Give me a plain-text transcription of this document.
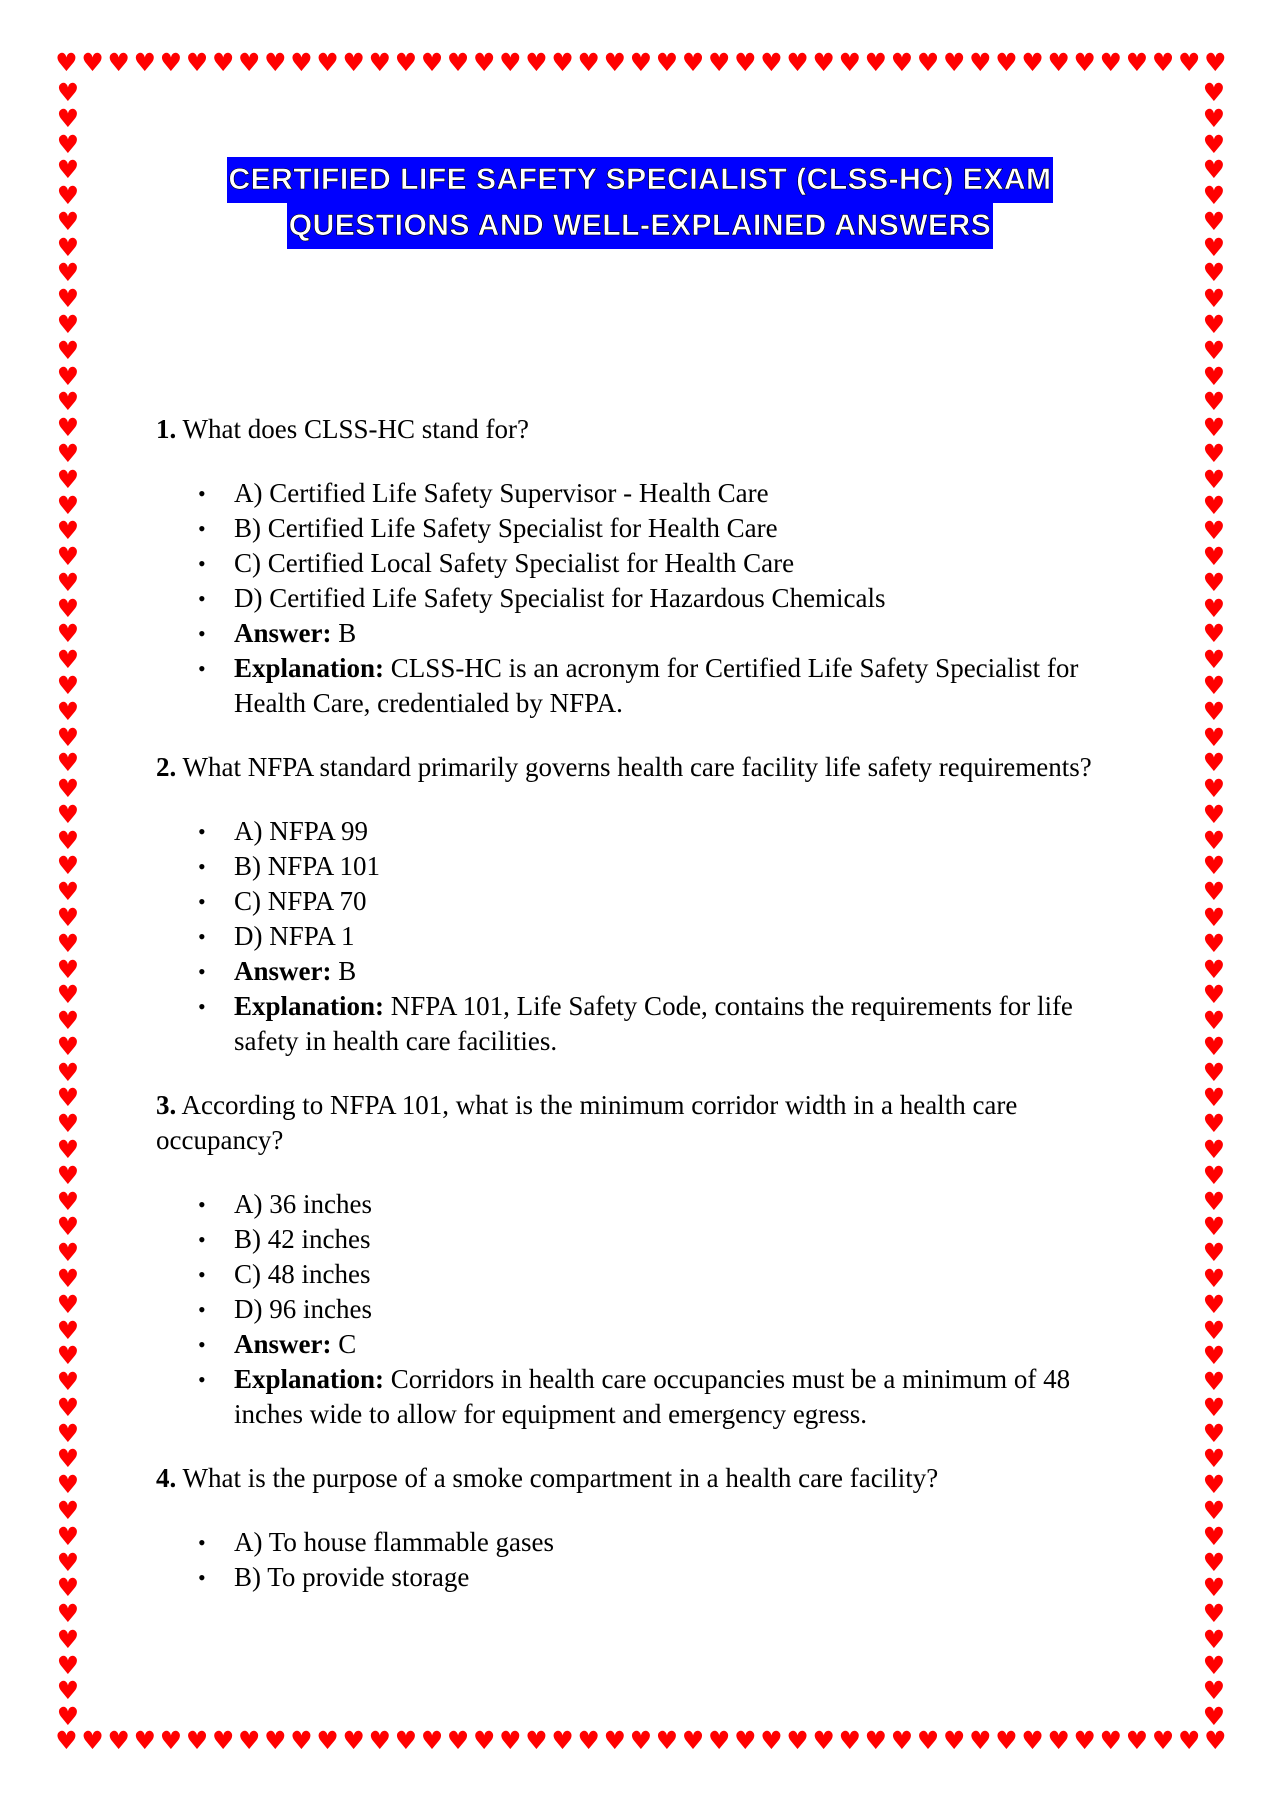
♥ ♥ ♥ ♥ ♥ ♥ ♥ ♥ ♥ ♥ ♥ ♥ ♥ ♥ ♥ ♥ ♥ ♥ ♥ ♥ ♥ ♥ ♥ ♥ ♥ ♥ ♥ ♥ ♥ ♥ ♥ ♥ ♥ ♥ ♥ ♥ ♥ ♥ ♥ ♥ ♥ ♥ ♥ ♥ ♥
♥ ♥ ♥ ♥ ♥ ♥ ♥ ♥ ♥ ♥ ♥ ♥ ♥ ♥ ♥ ♥ ♥ ♥ ♥ ♥ ♥ ♥ ♥ ♥ ♥ ♥ ♥ ♥ ♥ ♥ ♥ ♥ ♥ ♥ ♥ ♥ ♥ ♥ ♥ ♥ ♥ ♥ ♥ ♥ ♥
♥
♥
♥
♥
♥
♥
♥
♥
♥
♥
♥
♥
♥
♥
♥
♥
♥
♥
♥
♥
♥
♥
♥
♥
♥
♥
♥
♥
♥
♥
♥
♥
♥
♥
♥
♥
♥
♥
♥
♥
♥
♥
♥
♥
♥
♥
♥
♥
♥
♥
♥
♥
♥
♥
♥
♥
♥
♥
♥
♥
♥
♥
♥
♥
♥
♥
♥
♥
♥
♥
♥
♥
♥
♥
♥
♥
♥
♥
♥
♥
♥
♥
♥
♥
♥
♥
♥
♥
♥
♥
♥
♥
♥
♥
♥
♥
♥
♥
♥
♥
♥
♥
♥
♥
♥
♥
♥
♥
♥
♥
♥
♥
♥
♥
♥
♥
♥
♥
♥
♥
♥
♥
♥
♥
♥
♥
♥
♥
CERTIFIED LIFE SAFETY SPECIALIST (CLSS-HC) EXAM
QUESTIONS AND WELL-EXPLAINED ANSWERS

1. What does CLSS-HC stand for?

• A) Certified Life Safety Supervisor - Health Care
• B) Certified Life Safety Specialist for Health Care
• C) Certified Local Safety Specialist for Health Care
• D) Certified Life Safety Specialist for Hazardous Chemicals
• Answer: B
• Explanation: CLSS-HC is an acronym for Certified Life Safety Specialist for Health Care, credentialed by NFPA.

2. What NFPA standard primarily governs health care facility life safety requirements?

• A) NFPA 99
• B) NFPA 101
• C) NFPA 70
• D) NFPA 1
• Answer: B
• Explanation: NFPA 101, Life Safety Code, contains the requirements for life safety in health care facilities.

3. According to NFPA 101, what is the minimum corridor width in a health care occupancy?

• A) 36 inches
• B) 42 inches
• C) 48 inches
• D) 96 inches
• Answer: C
• Explanation: Corridors in health care occupancies must be a minimum of 48 inches wide to allow for equipment and emergency egress.

4. What is the purpose of a smoke compartment in a health care facility?

• A) To house flammable gases
• B) To provide storage
